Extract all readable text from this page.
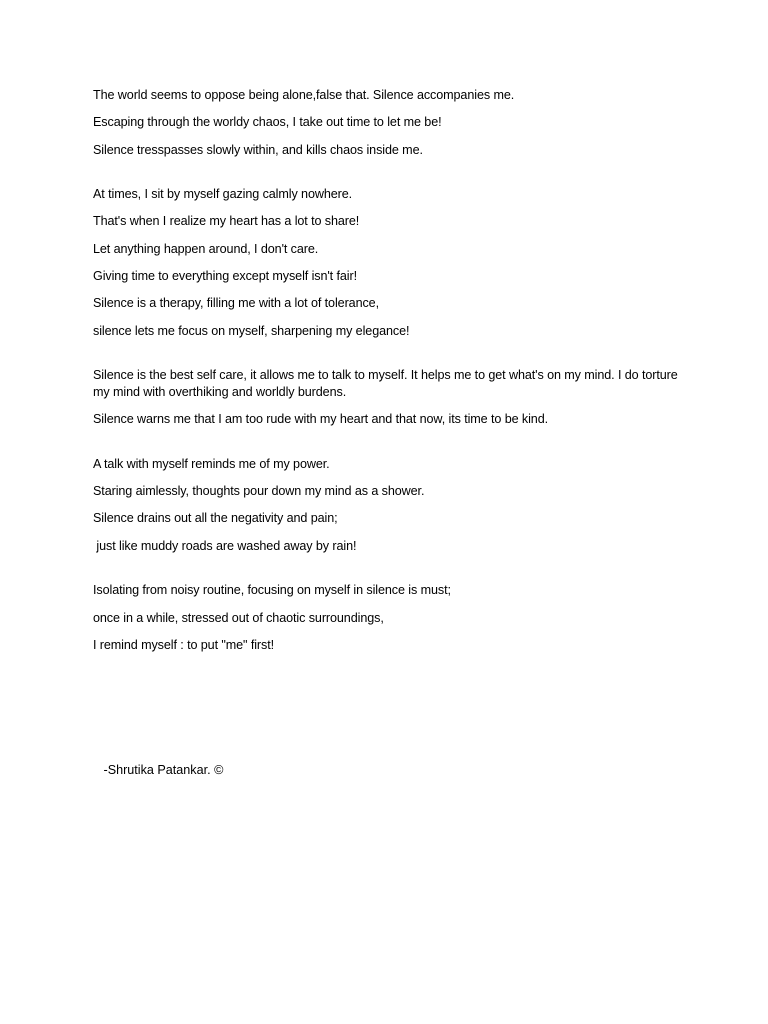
The world seems to oppose being alone,false that. Silence accompanies me.
Escaping through the worldy chaos, I take out time to let me be!
Silence tresspasses slowly within, and kills chaos inside me.
At times, I sit by myself gazing calmly nowhere.
That's when I realize my heart has a lot to share!
Let anything happen around, I don't care.
Giving time to everything except myself isn't fair!
Silence is a therapy, filling me with a lot of tolerance,
silence lets me focus on myself, sharpening my elegance!
Silence is the best self care, it allows me to talk to myself. It helps me to get what's on my mind. I do torture my mind with overthiking and worldly burdens.
Silence warns me that I am too rude with my heart and that now, its time to be kind.
A talk with myself reminds me of my power.
Staring aimlessly, thoughts pour down my mind as a shower.
Silence drains out all the negativity and pain;
just like muddy roads are washed away by rain!
Isolating from noisy routine, focusing on myself in silence is must;
once in a while, stressed out of chaotic surroundings,
I remind myself : to put "me" first!
-Shrutika Patankar. ©
